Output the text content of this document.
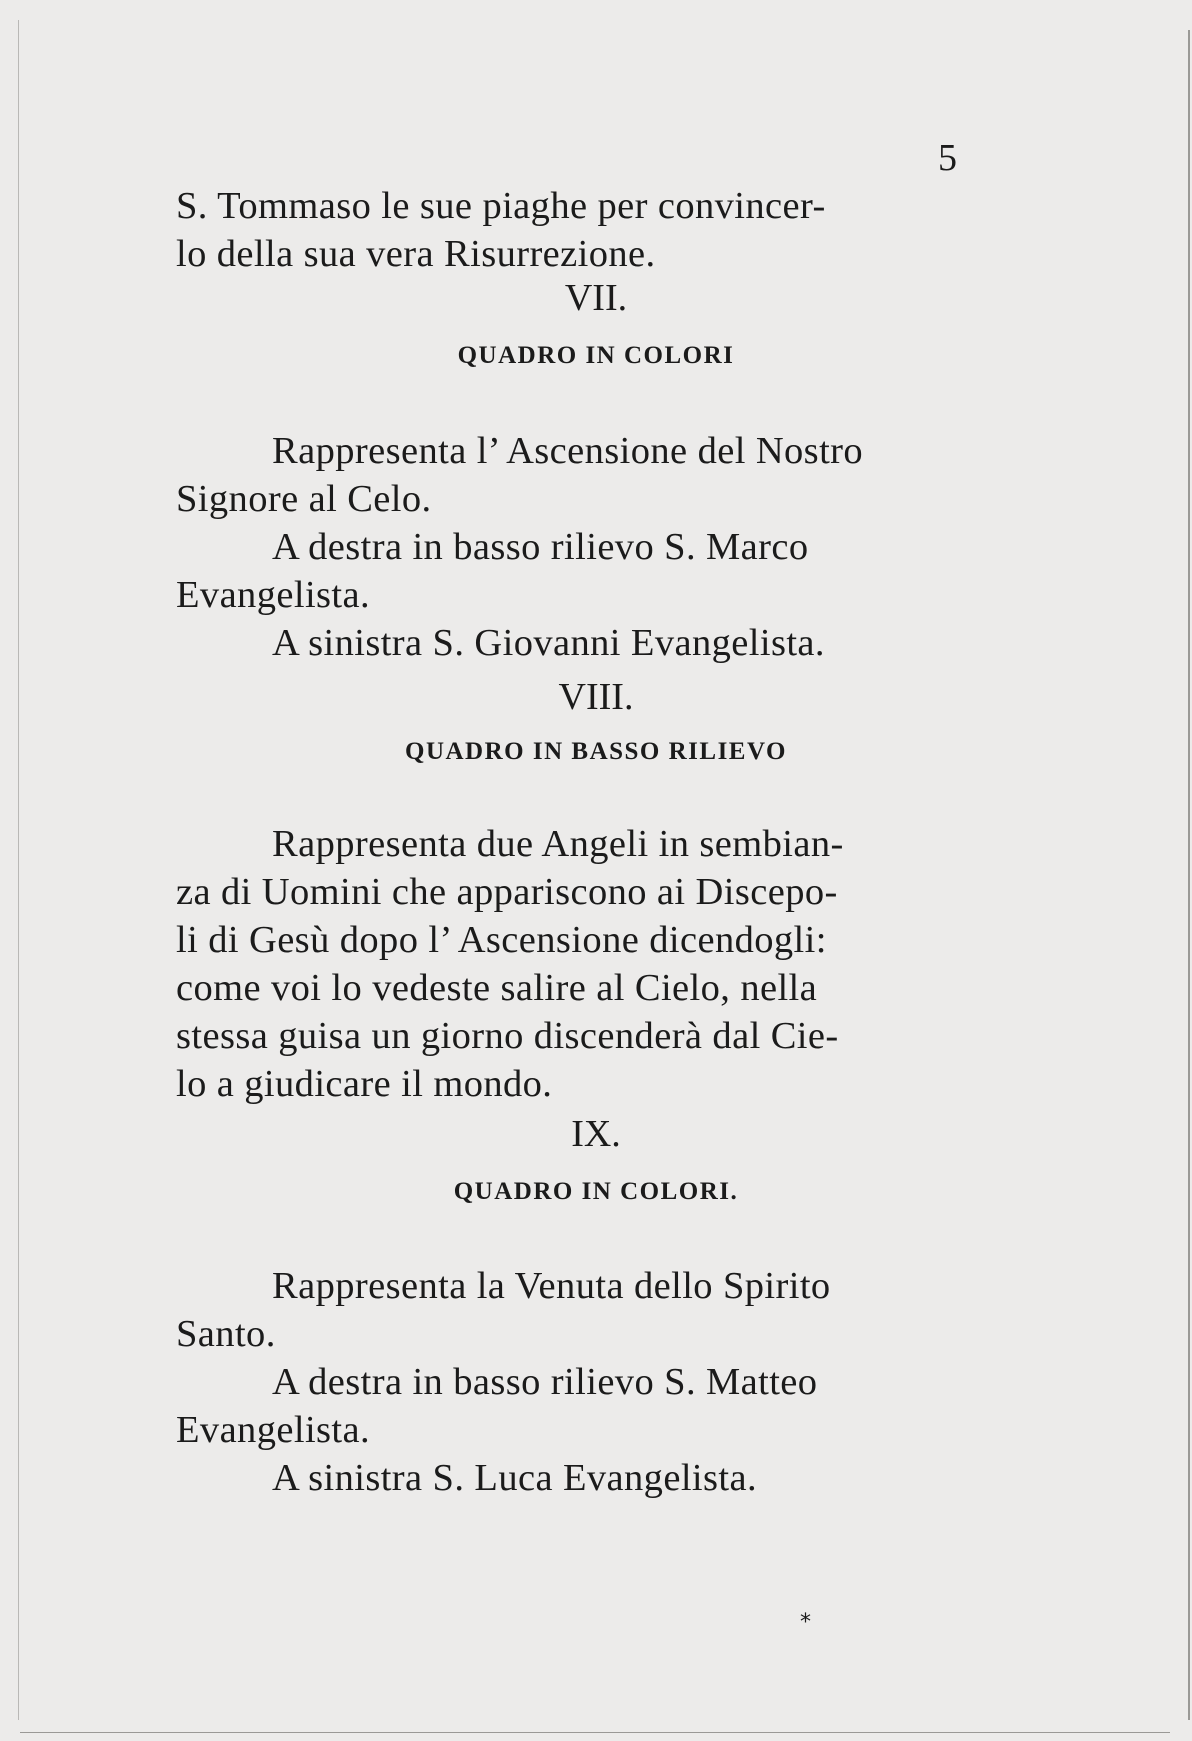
5
S. Tommaso le sue piaghe per convincer-
lo della sua vera Risurrezione.
VII.
QUADRO IN COLORI
Rappresenta l’ Ascensione del Nostro
Signore al Celo.
A destra in basso rilievo S. Marco
Evangelista.
A sinistra S. Giovanni Evangelista.
VIII.
QUADRO IN BASSO RILIEVO
Rappresenta due Angeli in sembian-
za di Uomini che appariscono ai Discepo-
li di Gesù dopo l’ Ascensione dicendogli:
come voi lo vedeste salire al Cielo, nella
stessa guisa un giorno discenderà dal Cie-
lo a giudicare il mondo.
IX.
QUADRO IN COLORI.
Rappresenta la Venuta dello Spirito
Santo.
A destra in basso rilievo S. Matteo
Evangelista.
A sinistra S. Luca Evangelista.
*
